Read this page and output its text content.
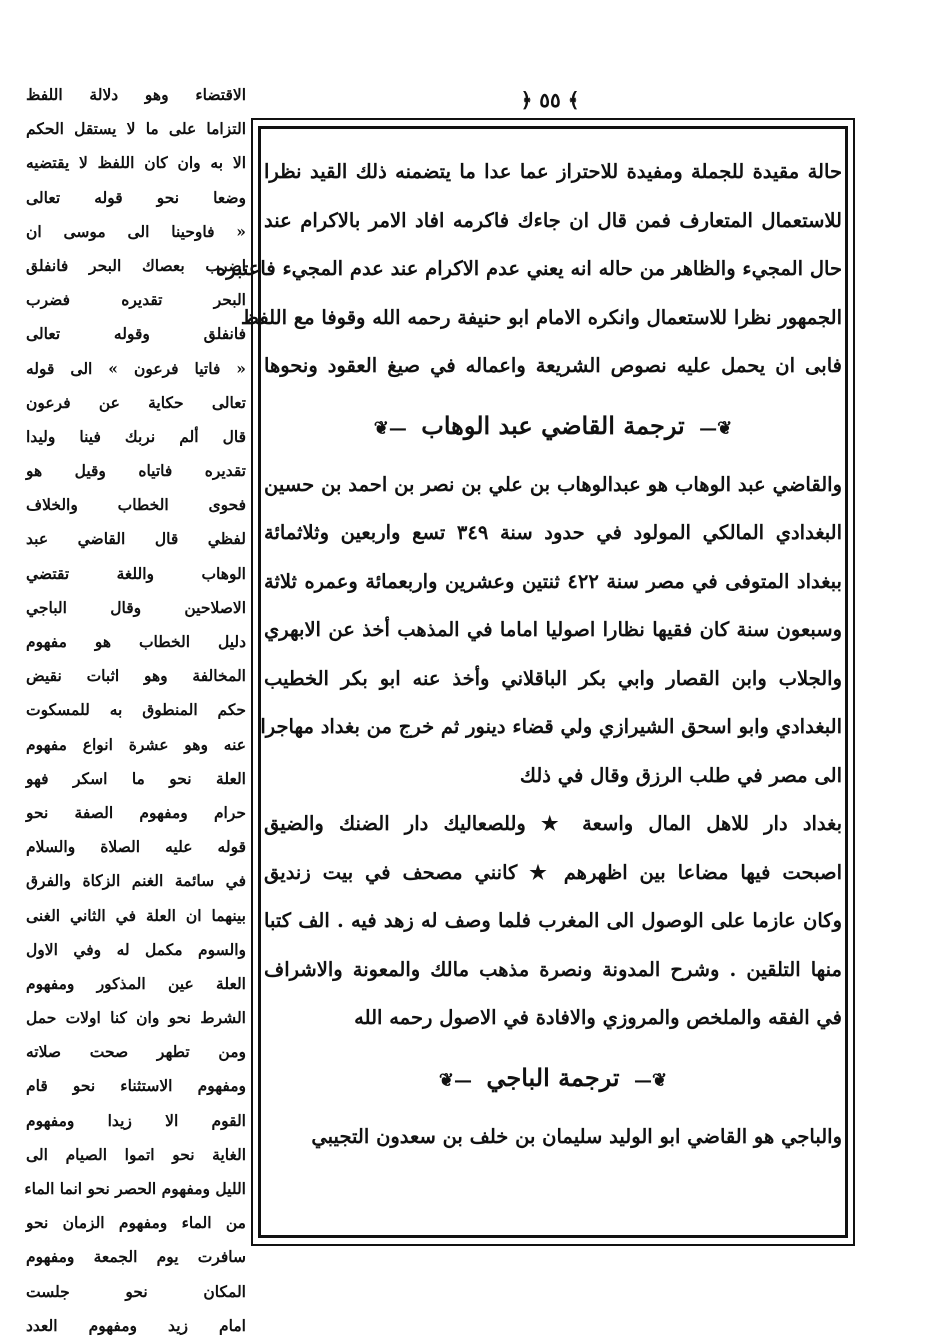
﴿ ٥٥ ﴾
حالة مقيدة للجملة ومفيدة للاحتراز عما عدا ما يتضمنه ذلك القيد نظرا
للاستعمال المتعارف فمن قال ان جاءك فاكرمه افاد الامر بالاكرام عند
حال المجيء والظاهر من حاله انه يعني عدم الاكرام عند عدم المجيء فاعتبره
الجمهور نظرا للاستعمال وانكره الامام ابو حنيفة رحمه الله وقوفا مع اللفظ
فابى ان يحمل عليه نصوص الشريعة واعماله في صيغ العقود ونحوها
❦— ترجمة القاضي عبد الوهاب —❦
والقاضي عبد الوهاب هو عبدالوهاب بن علي بن نصر بن احمد بن حسين
البغدادي المالكي المولود في حدود سنة ٣٤٩ تسع واربعين وثلاثمائة
ببغداد المتوفى في مصر سنة ٤٢٢ ثنتين وعشرين واربعمائة وعمره ثلاثة
وسبعون سنة كان فقيها نظارا اصوليا اماما في المذهب أخذ عن الابهري
والجلاب وابن القصار وابي بكر الباقلاني وأخذ عنه ابو بكر الخطيب
البغدادي وابو اسحق الشيرازي ولي قضاء دينور ثم خرج من بغداد مهاجرا
الى مصر في طلب الرزق وقال في ذلك
بغداد دار للاهل المال واسعة ★ وللصعاليك دار الضنك والضيق
اصبحت فيها مضاعا بين اظهرهم ★ كانني مصحف في بيت زنديق
وكان عازما على الوصول الى المغرب فلما وصف له زهد فيه . الف كتبا
منها التلقين . وشرح المدونة ونصرة مذهب مالك والمعونة والاشراف
في الفقه والملخص والمروزي والافادة في الاصول رحمه الله
❦— ترجمة الباجي —❦
والباجي هو القاضي ابو الوليد سليمان بن خلف بن سعدون التجيبي
الاقتضاء وهو دلالة اللفظ
التزاما على ما لا يستقل الحكم
الا به وان كان اللفظ لا يقتضيه
وضعا نحو قوله تعالى
« فاوحينا الى موسى ان
اضرب بعصاك البحر فانفلق
البحر تقديره فضرب
فانفلق وقوله تعالى
« فاتيا فرعون » الى قوله
تعالى حكاية عن فرعون
قال ألم نربك فينا وليدا
تقديره فاتياه وقيل هو
فحوى الخطاب والخلاف
لفظي قال القاضي عبد
الوهاب واللغة تقتضي
الاصلاحين وقال الباجي
دليل الخطاب هو مفهوم
المخالفة وهو اثبات نقيض
حكم المنطوق به للمسكوت
عنه وهو عشرة انواع مفهوم
العلة نحو ما اسكر فهو
حرام ومفهوم الصفة نحو
قوله عليه الصلاة والسلام
في سائمة الغنم الزكاة والفرق
بينهما ان العلة في الثاني الغنى
والسوم مكمل له وفي الاول
العلة عين المذكور ومفهوم
الشرط نحو وان كنا اولات حمل
ومن تطهر صحت صلاته
ومفهوم الاستثناء نحو قام
القوم الا زيدا ومفهوم
الغاية نحو اتموا الصيام الى
الليل ومفهوم الحصر نحو انما الماء
من الماء ومفهوم الزمان نحو
سافرت يوم الجمعة ومفهوم
المكان نحو جلست
امام زيد ومفهوم العدد
